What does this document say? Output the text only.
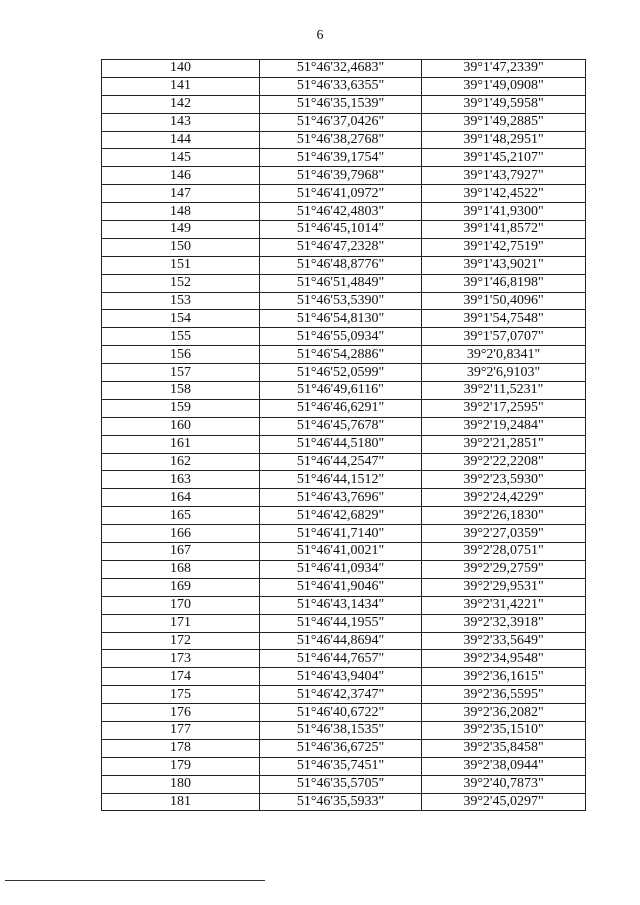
6
140	51°46'32,4683"	39°1'47,2339"
141	51°46'33,6355"	39°1'49,0908"
142	51°46'35,1539"	39°1'49,5958"
143	51°46'37,0426"	39°1'49,2885"
144	51°46'38,2768"	39°1'48,2951"
145	51°46'39,1754"	39°1'45,2107"
146	51°46'39,7968"	39°1'43,7927"
147	51°46'41,0972"	39°1'42,4522"
148	51°46'42,4803"	39°1'41,9300"
149	51°46'45,1014"	39°1'41,8572"
150	51°46'47,2328"	39°1'42,7519"
151	51°46'48,8776"	39°1'43,9021"
152	51°46'51,4849"	39°1'46,8198"
153	51°46'53,5390"	39°1'50,4096"
154	51°46'54,8130"	39°1'54,7548"
155	51°46'55,0934"	39°1'57,0707"
156	51°46'54,2886"	39°2'0,8341"
157	51°46'52,0599"	39°2'6,9103"
158	51°46'49,6116"	39°2'11,5231"
159	51°46'46,6291"	39°2'17,2595"
160	51°46'45,7678"	39°2'19,2484"
161	51°46'44,5180"	39°2'21,2851"
162	51°46'44,2547"	39°2'22,2208"
163	51°46'44,1512"	39°2'23,5930"
164	51°46'43,7696"	39°2'24,4229"
165	51°46'42,6829"	39°2'26,1830"
166	51°46'41,7140"	39°2'27,0359"
167	51°46'41,0021"	39°2'28,0751"
168	51°46'41,0934"	39°2'29,2759"
169	51°46'41,9046"	39°2'29,9531"
170	51°46'43,1434"	39°2'31,4221"
171	51°46'44,1955"	39°2'32,3918"
172	51°46'44,8694"	39°2'33,5649"
173	51°46'44,7657"	39°2'34,9548"
174	51°46'43,9404"	39°2'36,1615"
175	51°46'42,3747"	39°2'36,5595"
176	51°46'40,6722"	39°2'36,2082"
177	51°46'38,1535"	39°2'35,1510"
178	51°46'36,6725"	39°2'35,8458"
179	51°46'35,7451"	39°2'38,0944"
180	51°46'35,5705"	39°2'40,7873"
181	51°46'35,5933"	39°2'45,0297"
